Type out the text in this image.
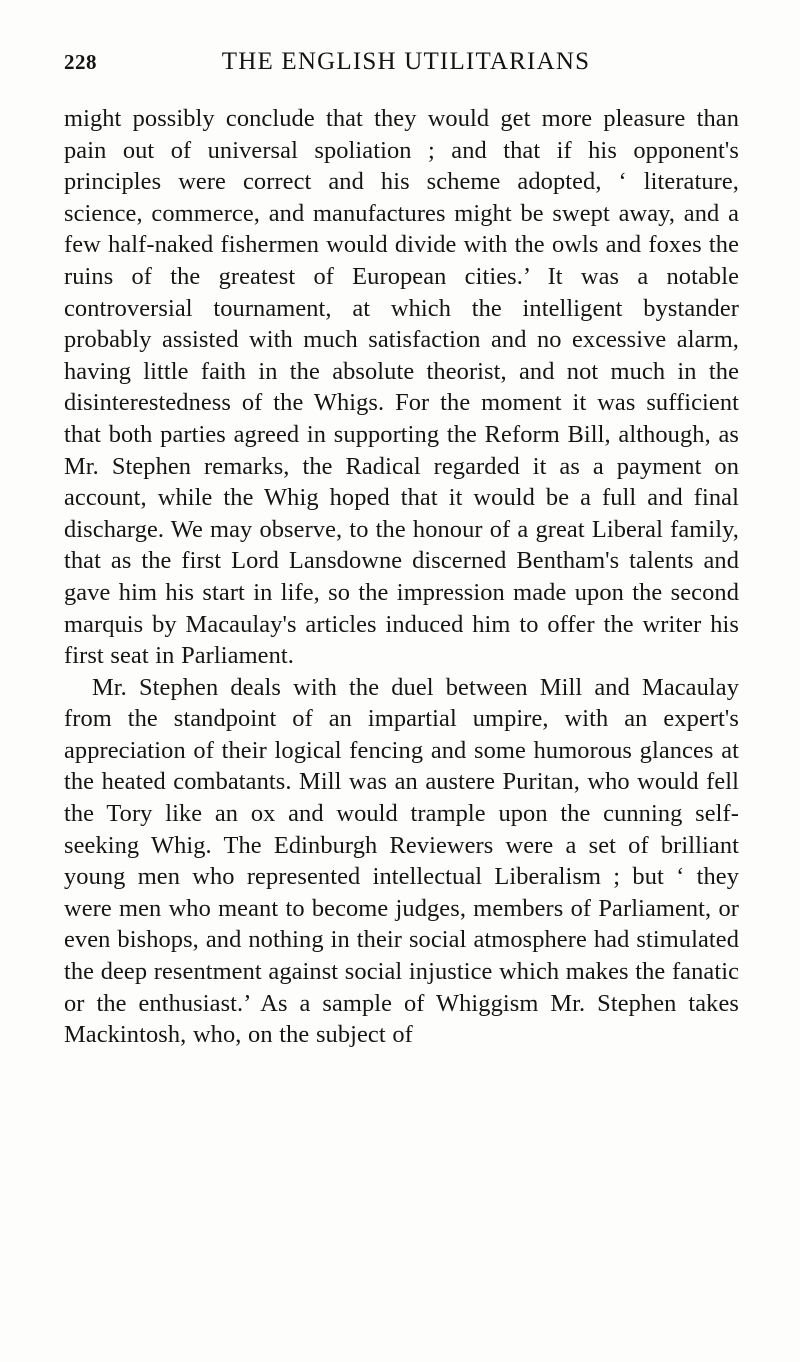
228	THE ENGLISH UTILITARIANS

might possibly conclude that they would get more pleasure than pain out of universal spoliation ; and that if his opponent's principles were correct and his scheme adopted, ‘ literature, science, commerce, and manufactures might be swept away, and a few half-naked fishermen would divide with the owls and foxes the ruins of the greatest of European cities.’ It was a notable controversial tournament, at which the intelligent bystander probably assisted with much satisfaction and no excessive alarm, having little faith in the absolute theorist, and not much in the disinterestedness of the Whigs. For the moment it was sufficient that both parties agreed in supporting the Reform Bill, although, as Mr. Stephen remarks, the Radical regarded it as a payment on account, while the Whig hoped that it would be a full and final discharge. We may observe, to the honour of a great Liberal family, that as the first Lord Lansdowne discerned Bentham's talents and gave him his start in life, so the impression made upon the second marquis by Macaulay's articles induced him to offer the writer his first seat in Parliament.

Mr. Stephen deals with the duel between Mill and Macaulay from the standpoint of an impartial umpire, with an expert's appreciation of their logical fencing and some humorous glances at the heated combatants. Mill was an austere Puritan, who would fell the Tory like an ox and would trample upon the cunning self-seeking Whig. The Edinburgh Reviewers were a set of brilliant young men who represented intellectual Liberalism ; but ‘ they were men who meant to become judges, members of Parliament, or even bishops, and nothing in their social atmosphere had stimulated the deep resentment against social injustice which makes the fanatic or the enthusiast.’ As a sample of Whiggism Mr. Stephen takes Mackintosh, who, on the subject of
